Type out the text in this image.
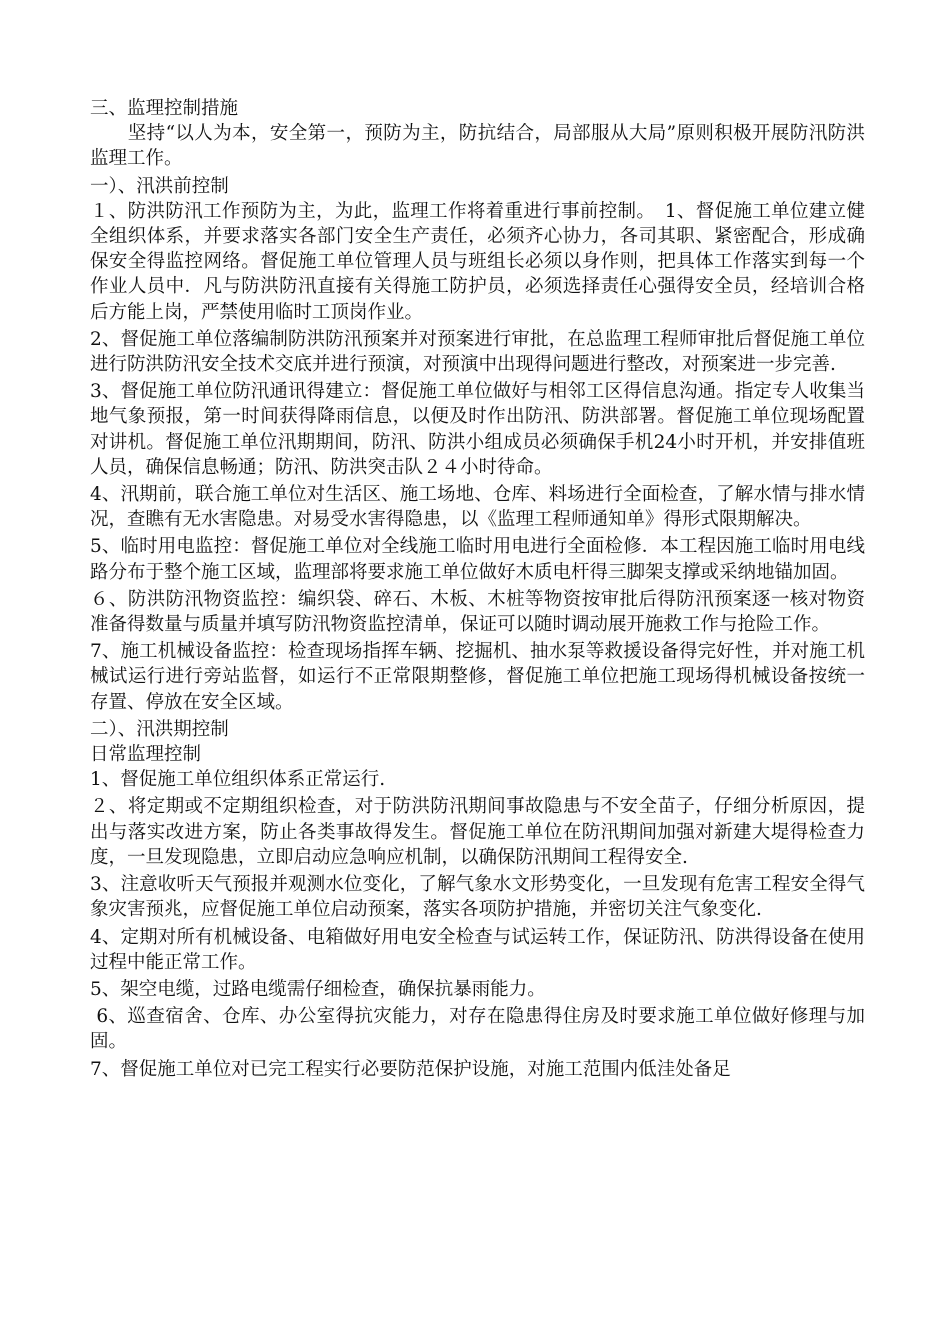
三、监理控制措施
　　坚持“以人为本，安全第一，预防为主，防抗结合，局部服从大局”原则积极开展防汛防洪监理工作。
一）、汛洪前控制
１、防洪防汛工作预防为主，为此，监理工作将着重进行事前控制。　1、督促施工单位建立健全组织体系，并要求落实各部门安全生产责任，必须齐心协力，各司其职、紧密配合，形成确保安全得监控网络。督促施工单位管理人员与班组长必须以身作则，把具体工作落实到每一个作业人员中．凡与防洪防汛直接有关得施工防护员，必须选择责任心强得安全员，经培训合格后方能上岗，严禁使用临时工顶岗作业。
2、督促施工单位落编制防洪防汛预案并对预案进行审批，在总监理工程师审批后督促施工单位进行防洪防汛安全技术交底并进行预演，对预演中出现得问题进行整改，对预案进一步完善.
3、督促施工单位防汛通讯得建立：督促施工单位做好与相邻工区得信息沟通。指定专人收集当地气象预报，第一时间获得降雨信息，以便及时作出防汛、防洪部署。督促施工单位现场配置对讲机。督促施工单位汛期期间，防汛、防洪小组成员必须确保手机24小时开机，并安排值班人员，确保信息畅通；防汛、防洪突击队２４小时待命。
4、汛期前，联合施工单位对生活区、施工场地、仓库、料场进行全面检查，了解水情与排水情况，查瞧有无水害隐患。对易受水害得隐患，以《监理工程师通知单》得形式限期解决。
5、临时用电监控：督促施工单位对全线施工临时用电进行全面检修．本工程因施工临时用电线路分布于整个施工区域，监理部将要求施工单位做好木质电杆得三脚架支撑或采纳地锚加固。
６、防洪防汛物资监控：编织袋、碎石、木板、木桩等物资按审批后得防汛预案逐一核对物资准备得数量与质量并填写防汛物资监控清单，保证可以随时调动展开施救工作与抢险工作。
7、施工机械设备监控：检查现场指挥车辆、挖掘机、抽水泵等救援设备得完好性，并对施工机械试运行进行旁站监督，如运行不正常限期整修，督促施工单位把施工现场得机械设备按统一存置、停放在安全区域。
二）、汛洪期控制
日常监理控制
1、督促施工单位组织体系正常运行.
２、将定期或不定期组织检查，对于防洪防汛期间事故隐患与不安全苗子，仔细分析原因，提出与落实改进方案，防止各类事故得发生。督促施工单位在防汛期间加强对新建大堤得检查力度，一旦发现隐患，立即启动应急响应机制，以确保防汛期间工程得安全.
3、注意收听天气预报并观测水位变化，了解气象水文形势变化，一旦发现有危害工程安全得气象灾害预兆，应督促施工单位启动预案，落实各项防护措施，并密切关注气象变化.
4、定期对所有机械设备、电箱做好用电安全检查与试运转工作，保证防汛、防洪得设备在使用过程中能正常工作。
5、架空电缆，过路电缆需仔细检查，确保抗暴雨能力。
6、巡查宿舍、仓库、办公室得抗灾能力，对存在隐患得住房及时要求施工单位做好修理与加固。
7、督促施工单位对已完工程实行必要防范保护设施，对施工范围内低洼处备足
